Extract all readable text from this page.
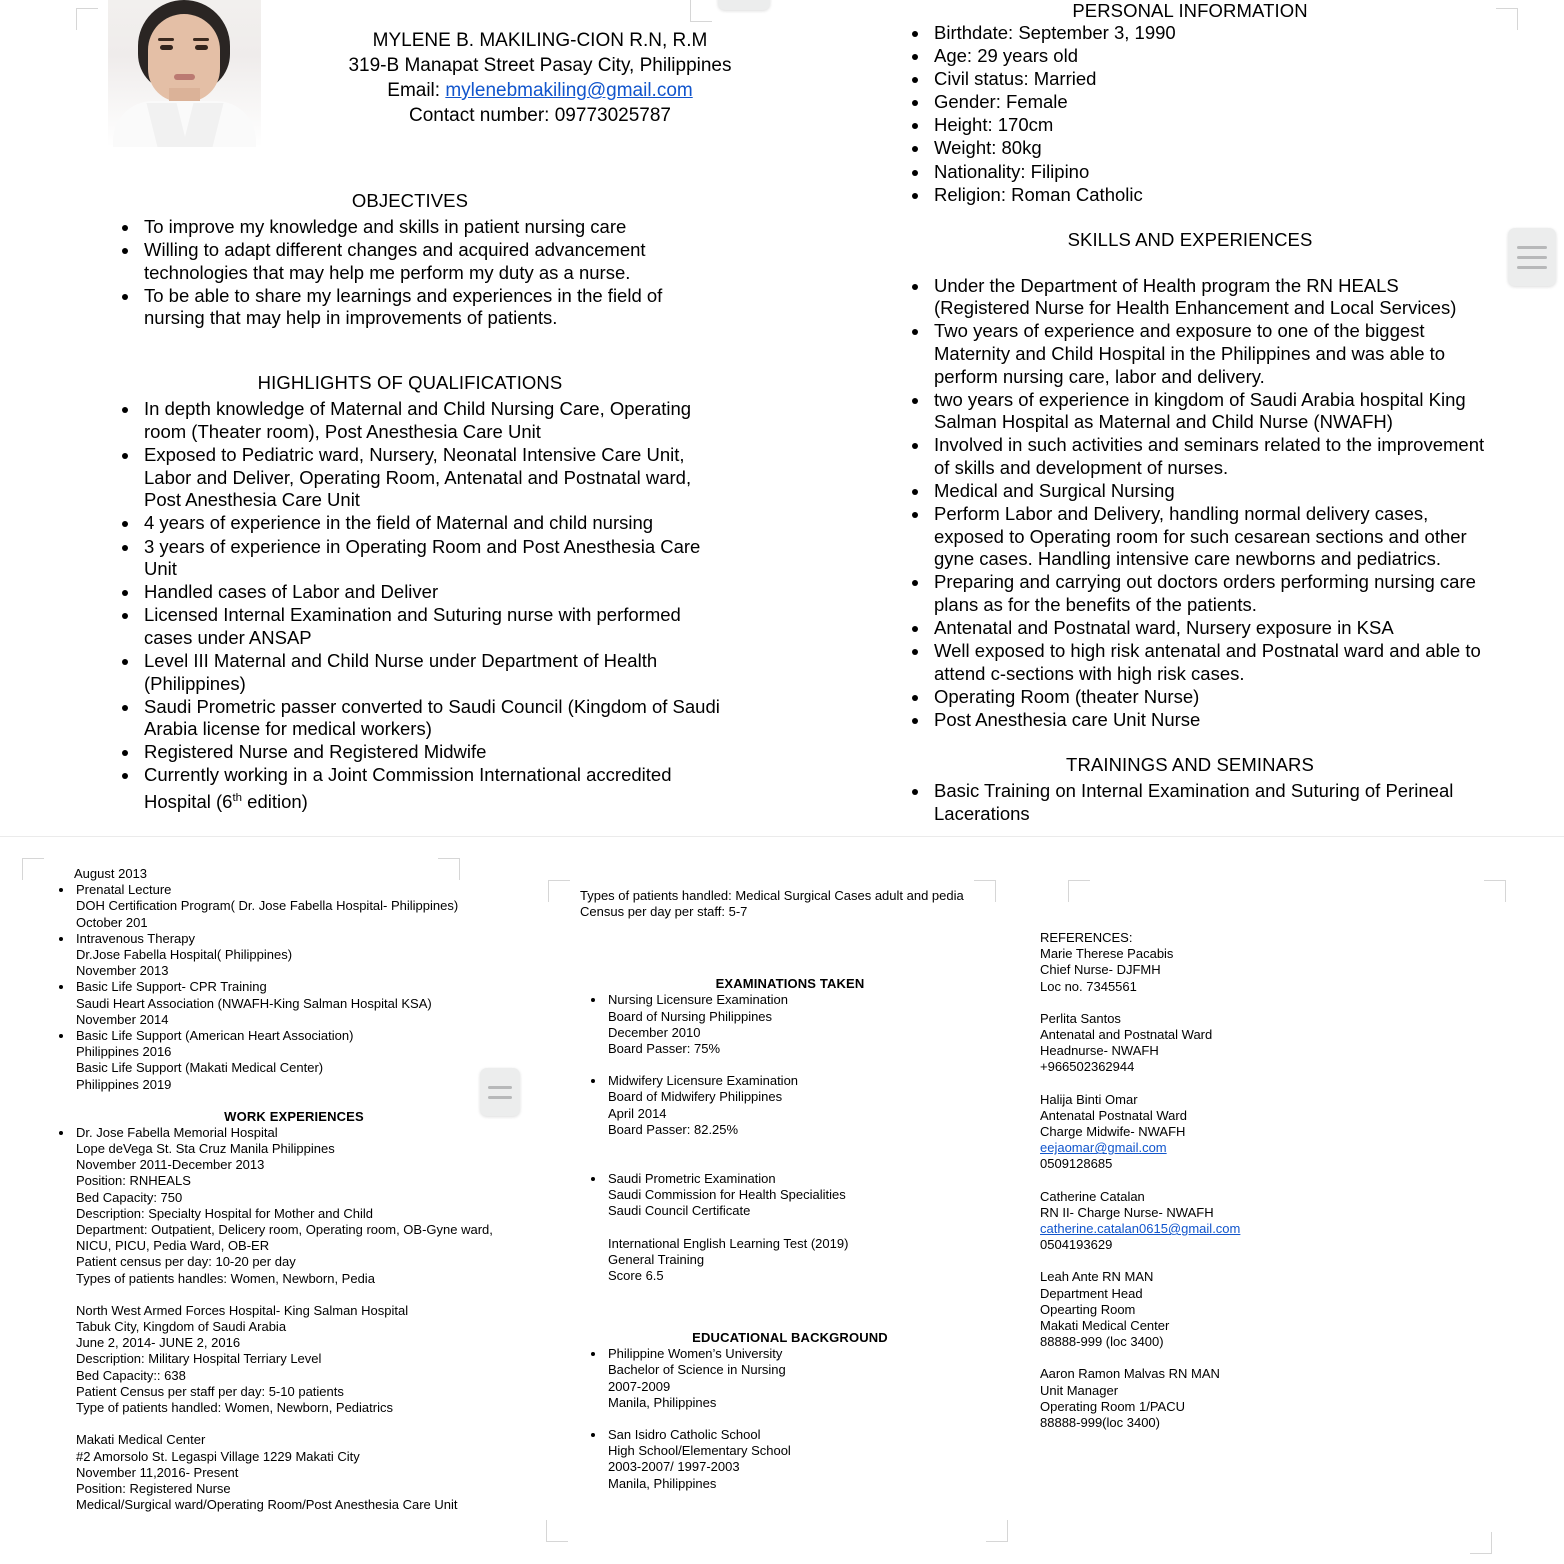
MYLENE B. MAKILING-CION R.N, R.M
319-B Manapat Street Pasay City, Philippines
Email: mylenebmakiling@gmail.com
Contact number: 09773025787
OBJECTIVES
• To improve my knowledge and skills in patient nursing care
• Willing to adapt different changes and acquired advancement technologies that may help me perform my duty as a nurse.
• To be able to share my learnings and experiences in the field of nursing that may help in improvements of patients.
HIGHLIGHTS OF QUALIFICATIONS
• In depth knowledge of Maternal and Child Nursing Care, Operating room (Theater room), Post Anesthesia Care Unit
• Exposed to Pediatric ward, Nursery, Neonatal Intensive Care Unit, Labor and Deliver, Operating Room, Antenatal and Postnatal ward, Post Anesthesia Care Unit
• 4 years of experience in the field of Maternal and child nursing
• 3 years of experience in Operating Room and Post Anesthesia Care Unit
• Handled cases of Labor and Deliver
• Licensed Internal Examination and Suturing nurse with performed cases under ANSAP
• Level III Maternal and Child Nurse under Department of Health (Philippines)
• Saudi Prometric passer converted to Saudi Council (Kingdom of Saudi Arabia license for medical workers)
• Registered Nurse and Registered Midwife
• Currently working in a Joint Commission International accredited Hospital (6th edition)
PERSONAL INFORMATION
• Birthdate: September 3, 1990
• Age: 29 years old
• Civil status: Married
• Gender: Female
• Height: 170cm
• Weight: 80kg
• Nationality: Filipino
• Religion: Roman Catholic
SKILLS AND EXPERIENCES
• Under the Department of Health program the RN HEALS (Registered Nurse for Health Enhancement and Local Services)
• Two years of experience and exposure to one of the biggest Maternity and Child Hospital in the Philippines and was able to perform nursing care, labor and delivery.
• two years of experience in kingdom of Saudi Arabia hospital King Salman Hospital as Maternal and Child Nurse (NWAFH)
• Involved in such activities and seminars related to the improvement of skills and development of nurses.
• Medical and Surgical Nursing
• Perform Labor and Delivery, handling normal delivery cases, exposed to Operating room for such cesarean sections and other gyne cases. Handling intensive care newborns and pediatrics.
• Preparing and carrying out doctors orders performing nursing care plans as for the benefits of the patients.
• Antenatal and Postnatal ward, Nursery exposure in KSA
• Well exposed to high risk antenatal and Postnatal ward and able to attend c-sections with high risk cases.
• Operating Room (theater Nurse)
• Post Anesthesia care Unit Nurse
TRAININGS AND SEMINARS
• Basic Training on Internal Examination and Suturing of Perineal Lacerations
August 2013
• Prenatal Lecture
DOH Certification Program( Dr. Jose Fabella Hospital- Philippines)
October 201
• Intravenous Therapy
Dr.Jose Fabella Hospital( Philippines)
November 2013
• Basic Life Support- CPR Training
Saudi Heart Association (NWAFH-King Salman Hospital KSA)
November 2014
• Basic Life Support (American Heart Association)
Philippines 2016
Basic Life Support (Makati Medical Center)
Philippines 2019
WORK EXPERIENCES
• Dr. Jose Fabella Memorial Hospital
Lope deVega St. Sta Cruz Manila Philippines
November 2011-December 2013
Position: RNHEALS
Bed Capacity: 750
Description: Specialty Hospital for Mother and Child
Department: Outpatient, Delicery room, Operating room, OB-Gyne ward, NICU, PICU, Pedia Ward, OB-ER
Patient census per day: 10-20 per day
Types of patients handles: Women, Newborn, Pedia
North West Armed Forces Hospital- King Salman Hospital
Tabuk City, Kingdom of Saudi Arabia
June 2, 2014- JUNE 2, 2016
Description: Military Hospital Terriary Level
Bed Capacity:: 638
Patient Census per staff per day: 5-10 patients
Type of patients handled: Women, Newborn, Pediatrics
Makati Medical Center
#2 Amorsolo St. Legaspi Village 1229 Makati City
November 11,2016- Present
Position: Registered Nurse
Medical/Surgical ward/Operating Room/Post Anesthesia Care Unit
Types of patients handled: Medical Surgical Cases adult and pedia
Census per day per staff: 5-7
EXAMINATIONS TAKEN
• Nursing Licensure Examination
Board of Nursing Philippines
December 2010
Board Passer: 75%
• Midwifery Licensure Examination
Board of Midwifery Philippines
April 2014
Board Passer: 82.25%
• Saudi Prometric Examination
Saudi Commission for Health Specialities
Saudi Council Certificate
International English Learning Test (2019)
General Training
Score 6.5
EDUCATIONAL BACKGROUND
• Philippine Women’s University
Bachelor of Science in Nursing
2007-2009
Manila, Philippines
• San Isidro Catholic School
High School/Elementary School
2003-2007/ 1997-2003
Manila, Philippines
REFERENCES:
Marie Therese Pacabis
Chief Nurse- DJFMH
Loc no. 7345561
Perlita Santos
Antenatal and Postnatal Ward
Headnurse- NWAFH
+966502362944
Halija Binti Omar
Antenatal Postnatal Ward
Charge Midwife- NWAFH
eejaomar@gmail.com
0509128685
Catherine Catalan
RN II- Charge Nurse- NWAFH
catherine.catalan0615@gmail.com
0504193629
Leah Ante RN MAN
Department Head
Opearting Room
Makati Medical Center
88888-999 (loc 3400)
Aaron Ramon Malvas RN MAN
Unit Manager
Operating Room 1/PACU
88888-999(loc 3400)
